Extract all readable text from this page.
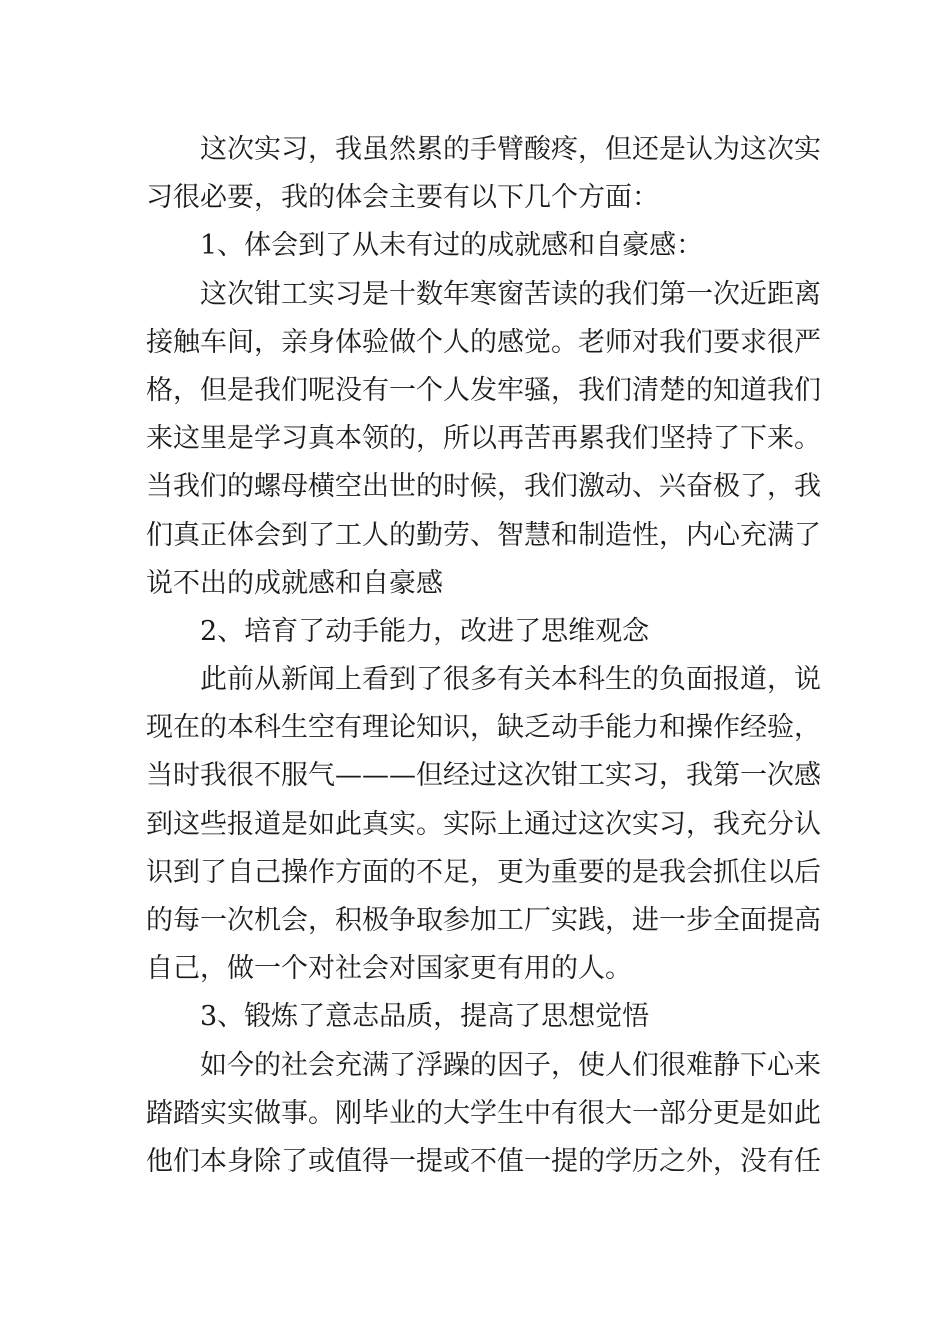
这次实习，我虽然累的手臂酸疼，但还是认为这次实
习很必要，我的体会主要有以下几个方面：
1、体会到了从未有过的成就感和自豪感：
这次钳工实习是十数年寒窗苦读的我们第一次近距离
接触车间，亲身体验做个人的感觉。老师对我们要求很严
格，但是我们呢没有一个人发牢骚，我们清楚的知道我们
来这里是学习真本领的，所以再苦再累我们坚持了下来。
当我们的螺母横空出世的时候，我们激动、兴奋极了，我
们真正体会到了工人的勤劳、智慧和制造性，内心充满了
说不出的成就感和自豪感
2、培育了动手能力，改进了思维观念
此前从新闻上看到了很多有关本科生的负面报道，说
现在的本科生空有理论知识，缺乏动手能力和操作经验，
当时我很不服气———但经过这次钳工实习，我第一次感
到这些报道是如此真实。实际上通过这次实习，我充分认
识到了自己操作方面的不足，更为重要的是我会抓住以后
的每一次机会，积极争取参加工厂实践，进一步全面提高
自己，做一个对社会对国家更有用的人。
3、锻炼了意志品质，提高了思想觉悟
如今的社会充满了浮躁的因子，使人们很难静下心来
踏踏实实做事。刚毕业的大学生中有很大一部分更是如此
他们本身除了或值得一提或不值一提的学历之外，没有任
